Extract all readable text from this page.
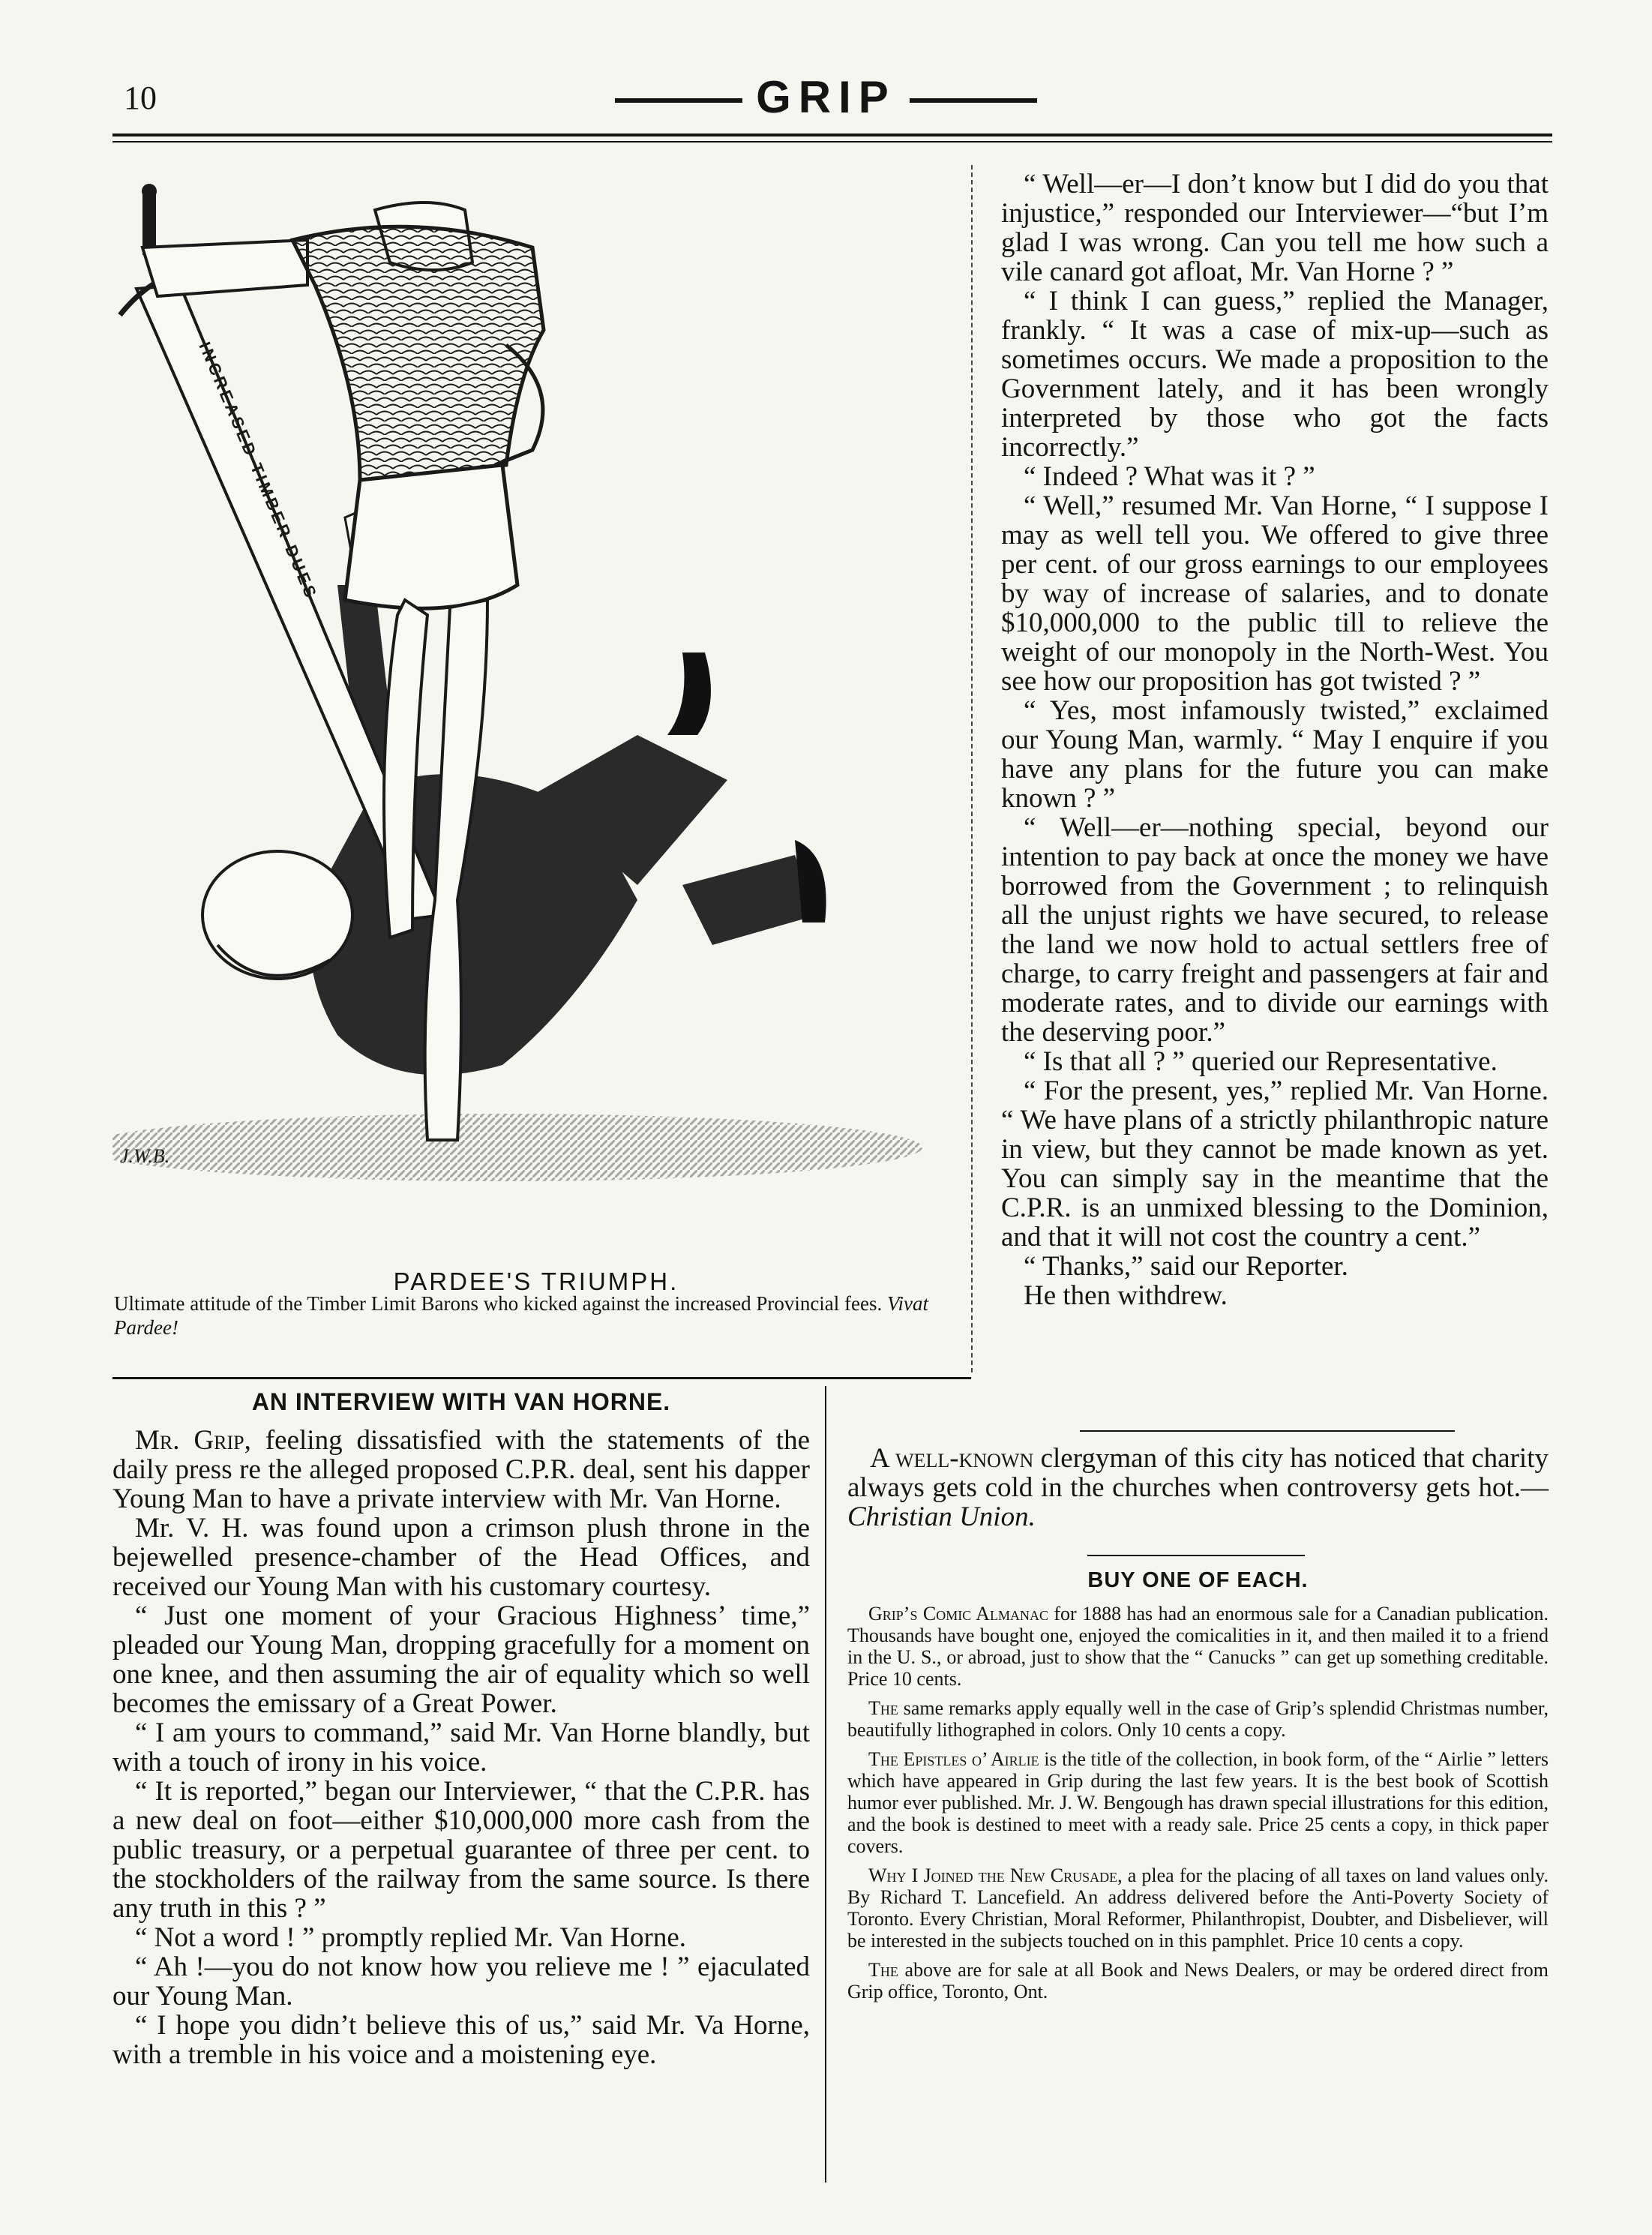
10	GRIP
INCREASED TIMBER DUES
J.W.B.
PARDEE'S TRIUMPH.
Ultimate attitude of the Timber Limit Barons who kicked against the increased Provincial fees. Vivat Pardee!

“ Well—er—I don’t know but I did do you that injustice,” responded our Interviewer—“but I’m glad I was wrong. Can you tell me how such a vile canard got afloat, Mr. Van Horne ? ”

“ I think I can guess,” replied the Manager, frankly. “ It was a case of mix-up—such as sometimes occurs. We made a proposition to the Government lately, and it has been wrongly interpreted by those who got the facts incorrectly.”

“ Indeed ? What was it ? ”

“ Well,” resumed Mr. Van Horne, “ I suppose I may as well tell you. We offered to give three per cent. of our gross earnings to our employees by way of increase of salaries, and to donate $10,000,000 to the public till to relieve the weight of our monopoly in the North-West. You see how our proposition has got twisted ? ”

“ Yes, most infamously twisted,” exclaimed our Young Man, warmly. “ May I enquire if you have any plans for the future you can make known ? ”

“ Well—er—nothing special, beyond our intention to pay back at once the money we have borrowed from the Government ; to relinquish all the unjust rights we have secured, to release the land we now hold to actual settlers free of charge, to carry freight and passengers at fair and moderate rates, and to divide our earnings with the deserving poor.”

“ Is that all ? ” queried our Representative.

“ For the present, yes,” replied Mr. Van Horne. “ We have plans of a strictly philanthropic nature in view, but they cannot be made known as yet. You can simply say in the meantime that the C.P.R. is an unmixed blessing to the Dominion, and that it will not cost the country a cent.”

“ Thanks,” said our Reporter.

He then withdrew.

AN INTERVIEW WITH VAN HORNE.

Mr. Grip, feeling dissatisfied with the statements of the daily press re the alleged proposed C.P.R. deal, sent his dapper Young Man to have a private interview with Mr. Van Horne.

Mr. V. H. was found upon a crimson plush throne in the bejewelled presence-chamber of the Head Offices, and received our Young Man with his customary courtesy.

“ Just one moment of your Gracious Highness’ time,” pleaded our Young Man, dropping gracefully for a moment on one knee, and then assuming the air of equality which so well becomes the emissary of a Great Power.

“ I am yours to command,” said Mr. Van Horne blandly, but with a touch of irony in his voice.

“ It is reported,” began our Interviewer, “ that the C.P.R. has a new deal on foot—either $10,000,000 more cash from the public treasury, or a perpetual guarantee of three per cent. to the stockholders of the railway from the same source. Is there any truth in this ? ”

“ Not a word ! ” promptly replied Mr. Van Horne.

“ Ah !—you do not know how you relieve me ! ” ejaculated our Young Man.

“ I hope you didn’t believe this of us,” said Mr. Va Horne, with a tremble in his voice and a moistening eye.

A well-known clergyman of this city has noticed that charity always gets cold in the churches when controversy gets hot.—Christian Union.

BUY ONE OF EACH.

Grip’s Comic Almanac for 1888 has had an enormous sale for a Canadian publication. Thousands have bought one, enjoyed the comicalities in it, and then mailed it to a friend in the U. S., or abroad, just to show that the “ Canucks ” can get up something creditable. Price 10 cents.

The same remarks apply equally well in the case of Grip’s splendid Christmas number, beautifully lithographed in colors. Only 10 cents a copy.

The Epistles o’ Airlie is the title of the collection, in book form, of the “ Airlie ” letters which have appeared in Grip during the last few years. It is the best book of Scottish humor ever published. Mr. J. W. Bengough has drawn special illustrations for this edition, and the book is destined to meet with a ready sale. Price 25 cents a copy, in thick paper covers.

Why I Joined the New Crusade, a plea for the placing of all taxes on land values only. By Richard T. Lancefield. An address delivered before the Anti-Poverty Society of Toronto. Every Christian, Moral Reformer, Philanthropist, Doubter, and Disbeliever, will be interested in the subjects touched on in this pamphlet. Price 10 cents a copy.

The above are for sale at all Book and News Dealers, or may be ordered direct from Grip office, Toronto, Ont.
